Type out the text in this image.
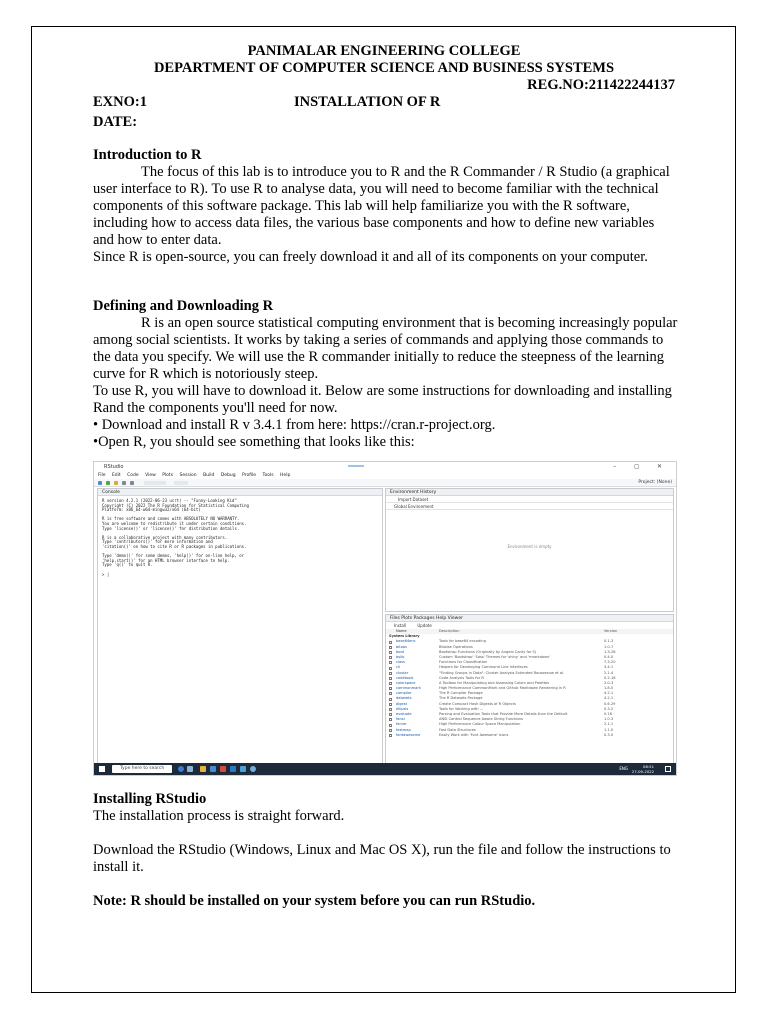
PANIMALAR ENGINEERING COLLEGE
DEPARTMENT OF COMPUTER SCIENCE AND BUSINESS SYSTEMS
REG.NO:211422244137
EXNO:1	INSTALLATION OF R
DATE:

Introduction to R

The focus of this lab is to introduce you to R and the R Commander / R Studio (a graphical user interface to R). To use R to analyse data, you will need to become familiar with the technical components of this software package. This lab will help familiarize you with the R software, including how to access data files, the various base components and how to define new variables and how to enter data.

Since R is open-source, you can freely download it and all of its components on your computer.

Defining and Downloading R

R is an open source statistical computing environment that is becoming increasingly popular among social scientists. It works by taking a series of commands and applying those commands to the data you specify. We will use the R commander initially to reduce the steepness of the learning curve for R which is notoriously steep.

To use R, you will have to download it. Below are some instructions for downloading and installing Rand the components you'll need for now.

• Download and install R v 3.4.1 from here: https://cran.r-project.org.

•Open R, you should see something that looks like this:

RStudio	– ◻ ✕
File Edit Code View Plots Session Build Debug Profile Tools Help
Project: (None)
Console
R version 4.2.1 (2022-06-23 ucrt) -- "Funny-Looking Kid"
Copyright (C) 2022 The R Foundation for Statistical Computing
Platform: x86_64-w64-mingw32/x64 (64-bit)

R is free software and comes with ABSOLUTELY NO WARRANTY.
You are welcome to redistribute it under certain conditions.
Type 'license()' or 'licence()' for distribution details.

R is a collaborative project with many contributors.
Type 'contributors()' for more information and
'citation()' on how to cite R or R packages in publications.

Type 'demo()' for some demos, 'help()' for on-line help, or
'help.start()' for an HTML browser interface to help.
Type 'q()' to quit R.

> |
Environment History
Import Dataset
Global Environment
Environment is empty
Files Plots Packages Help Viewer
Install	Update
Name	Description	Version
System Library
base64enc	Tools for base64 encoding	0.1-3
bitops	Bitwise Operations	1.0-7
boot	Bootstrap Functions (Originally by Angelo Canty for S)	1.3-28
bslib	Custom 'Bootstrap' 'Sass' Themes for 'shiny' and 'rmarkdown'	0.4.0
class	Functions for Classification	7.3-20
cli	Helpers for Developing Command Line Interfaces	3.4.1
cluster	"Finding Groups in Data": Cluster Analysis Extended Rousseeuw et al.	2.1.4
codetools	Code Analysis Tools for R	0.2-18
colorspace	A Toolbox for Manipulating and Assessing Colors and Palettes	2.0-3
commonmark	High Performance CommonMark and Github Markdown Rendering in R	1.8.0
compiler	The R Compiler Package	4.2.1
datasets	The R Datasets Package	4.2.1
digest	Create Compact Hash Digests of R Objects	0.6.29
ellipsis	Tools for Working with ...	0.3.2
evaluate	Parsing and Evaluation Tools that Provide More Details than the Default	0.16
fansi	ANSI Control Sequence Aware String Functions	1.0.3
farver	High Performance Colour Space Manipulation	2.1.1
fastmap	Fast Data Structures	1.1.0
fontawesome	Easily Work with 'Font Awesome' Icons	0.3.0
Type here to search	ENG	08:51
27-09-2022

Installing RStudio

The installation process is straight forward.

Download the RStudio (Windows, Linux and Mac OS X), run the file and follow the instructions to install it.

Note: R should be installed on your system before you can run RStudio.
